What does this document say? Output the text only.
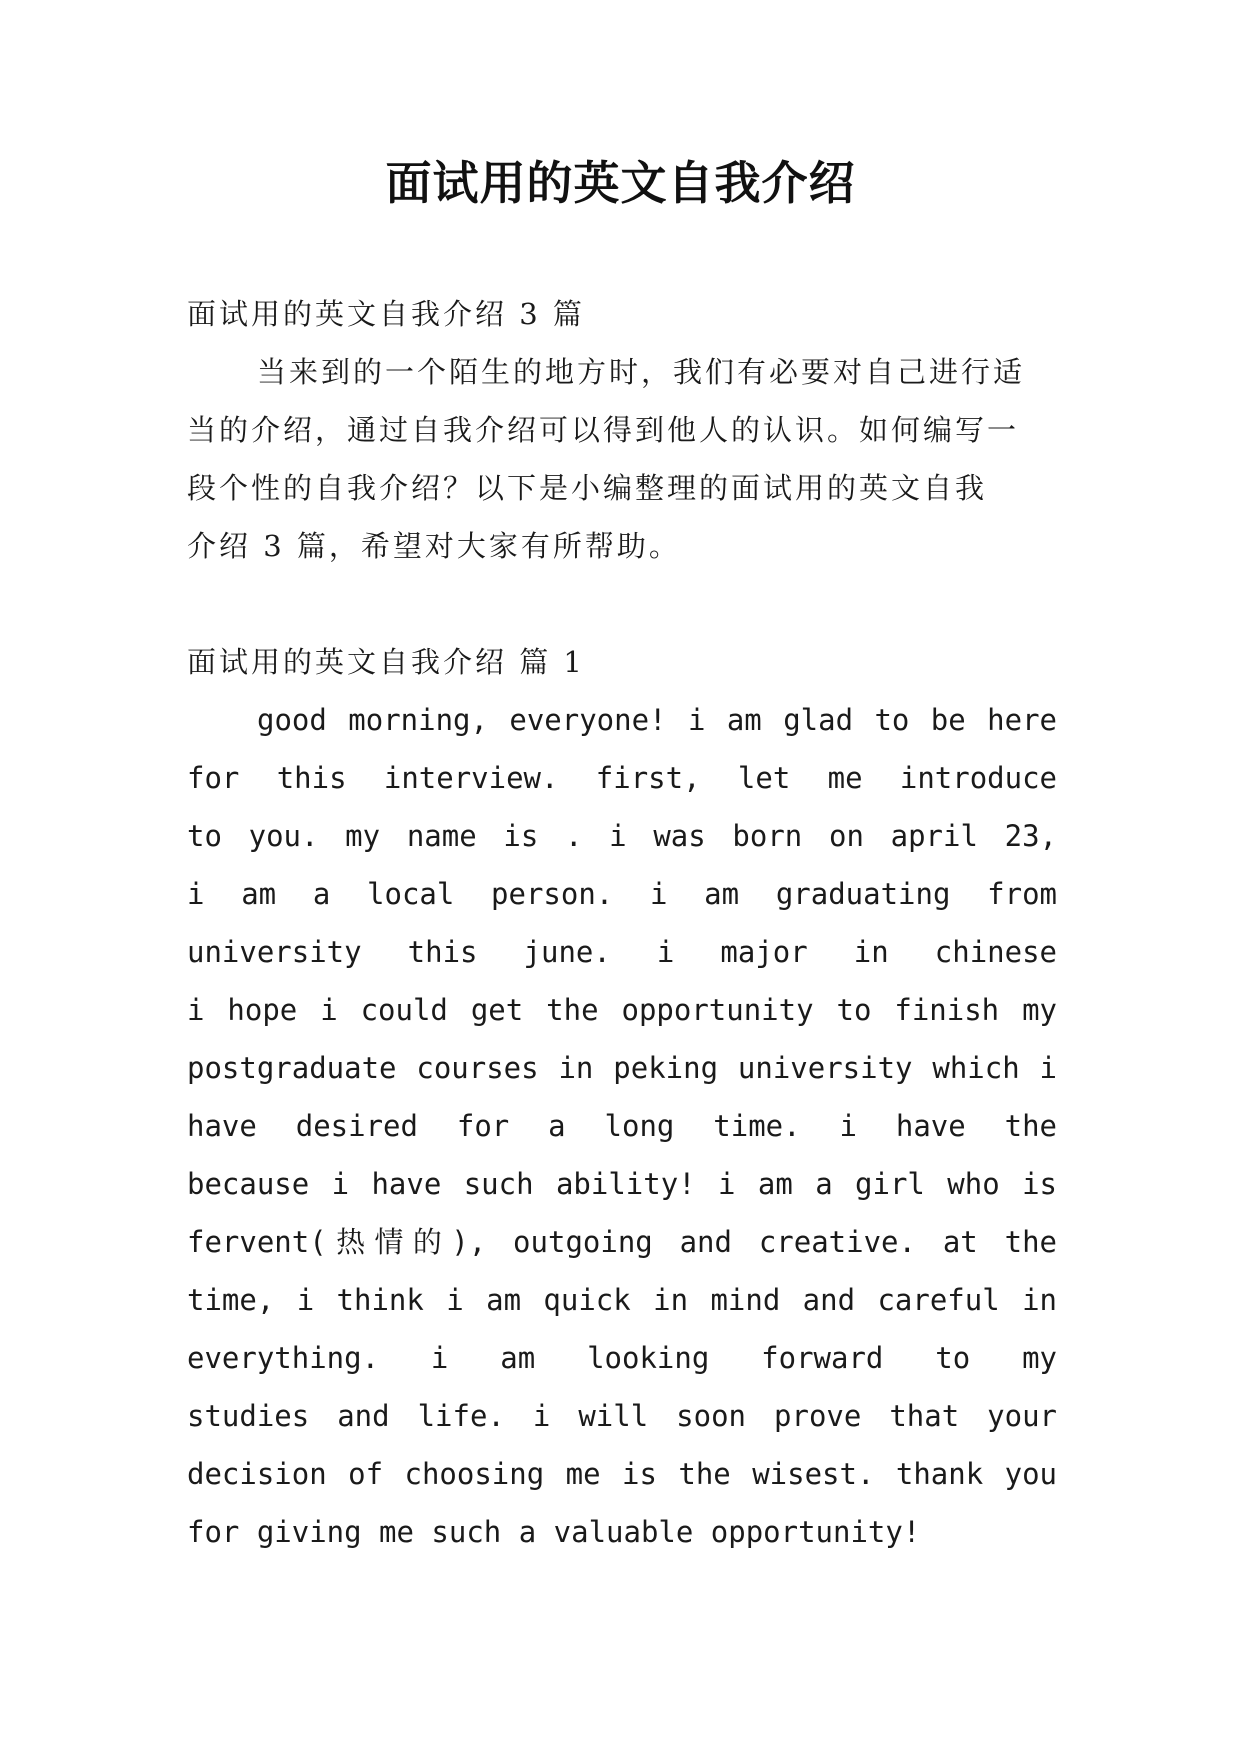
面试用的英文自我介绍
面试用的英文自我介绍 3 篇
当来到的一个陌生的地方时，我们有必要对自己进行适
当的介绍，通过自我介绍可以得到他人的认识。如何编写一
段个性的自我介绍？以下是小编整理的面试用的英文自我
介绍 3 篇，希望对大家有所帮助。
面试用的英文自我介绍 篇 1
good morning, everyone! i am glad to be here
for this interview. first, let me introduce
to you. my name is . i was born on april 23,
i am a local person. i am graduating from
university this june. i major in chinese
i hope i could get the opportunity to finish my
postgraduate courses in peking university which i
have desired for a long time. i have the
because i have such ability! i am a girl who is
fervent(热情的), outgoing and creative. at the
time, i think i am quick in mind and careful in
everything. i am looking forward to my
studies and life. i will soon prove that your
decision of choosing me is the wisest. thank you
for giving me such a valuable opportunity!
